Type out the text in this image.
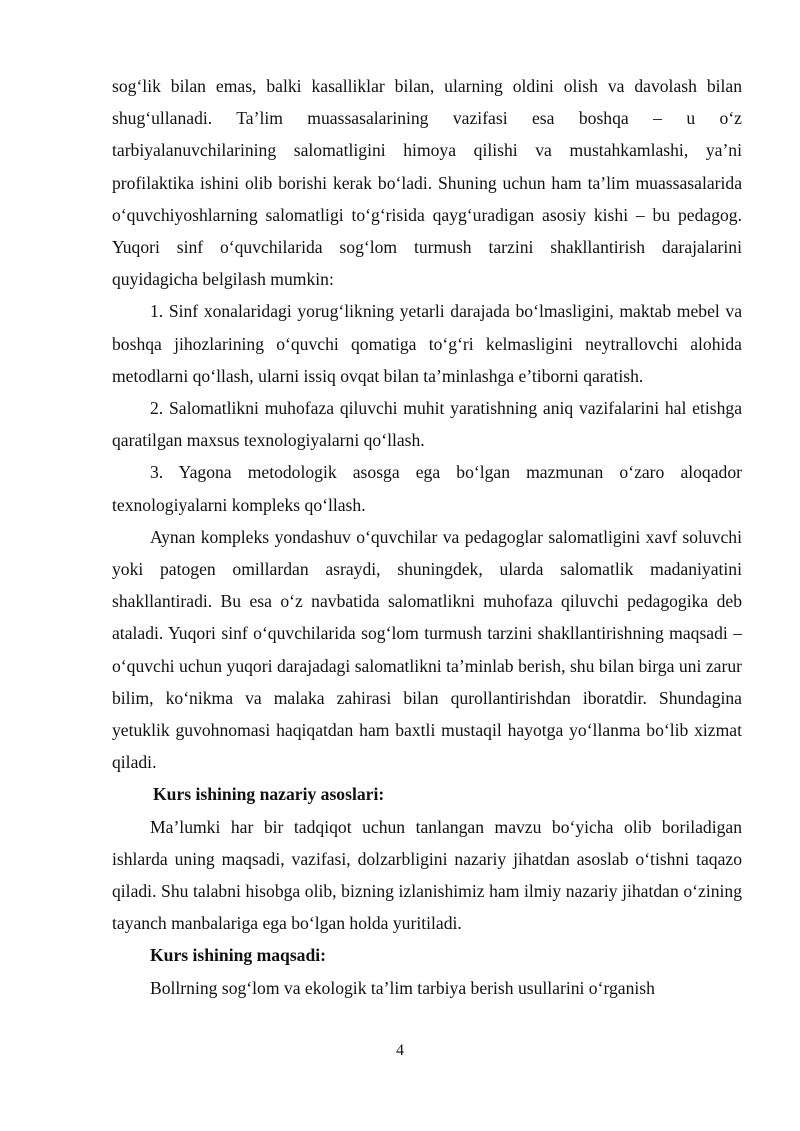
sog‘lik bilan emas, balki kasalliklar bilan, ularning oldini olish va davolash bilan shug‘ullanadi. Ta’lim muassasalarining vazifasi esa boshqa – u o‘z tarbiyalanuvchilarining salomatligini himoya qilishi va mustahkamlashi, ya’ni profilaktika ishini olib borishi kerak bo‘ladi. Shuning uchun ham ta’lim muassasalarida o‘quvchiyoshlarning salomatligi to‘g‘risida qayg‘uradigan asosiy kishi – bu pedagog. Yuqori sinf o‘quvchilarida sog‘lom turmush tarzini shakllantirish darajalarini quyidagicha belgilash mumkin:

1. Sinf xonalaridagi yorug‘likning yetarli darajada bo‘lmasligini, maktab mebel va boshqa jihozlarining o‘quvchi qomatiga to‘g‘ri kelmasligini neytrallovchi alohida metodlarni qo‘llash, ularni issiq ovqat bilan ta’minlashga e’tiborni qaratish.

2. Salomatlikni muhofaza qiluvchi muhit yaratishning aniq vazifalarini hal etishga qaratilgan maxsus texnologiyalarni qo‘llash.

3. Yagona metodologik asosga ega bo‘lgan mazmunan o‘zaro aloqador texnologiyalarni kompleks qo‘llash.

Aynan kompleks yondashuv o‘quvchilar va pedagoglar salomatligini xavf soluvchi yoki patogen omillardan asraydi, shuningdek, ularda salomatlik madaniyatini shakllantiradi. Bu esa o‘z navbatida salomatlikni muhofaza qiluvchi pedagogika deb ataladi. Yuqori sinf o‘quvchilarida sog‘lom turmush tarzini shakllantirishning maqsadi – o‘quvchi uchun yuqori darajadagi salomatlikni ta’minlab berish, shu bilan birga uni zarur bilim, ko‘nikma va malaka zahirasi bilan qurollantirishdan iboratdir. Shundagina yetuklik guvohnomasi haqiqatdan ham baxtli mustaqil hayotga yo‘llanma bo‘lib xizmat qiladi.

Kurs ishining nazariy asoslari:

Ma’lumki har bir tadqiqot uchun tanlangan mavzu bo‘yicha olib boriladigan ishlarda uning maqsadi, vazifasi, dolzarbligini nazariy jihatdan asoslab o‘tishni taqazo qiladi. Shu talabni hisobga olib, bizning izlanishimiz ham ilmiy nazariy jihatdan o‘zining tayanch manbalariga ega bo‘lgan holda yuritiladi.

Kurs ishining maqsadi:

Bollrning sog‘lom va ekologik ta’lim tarbiya berish usullarini o‘rganish

4
